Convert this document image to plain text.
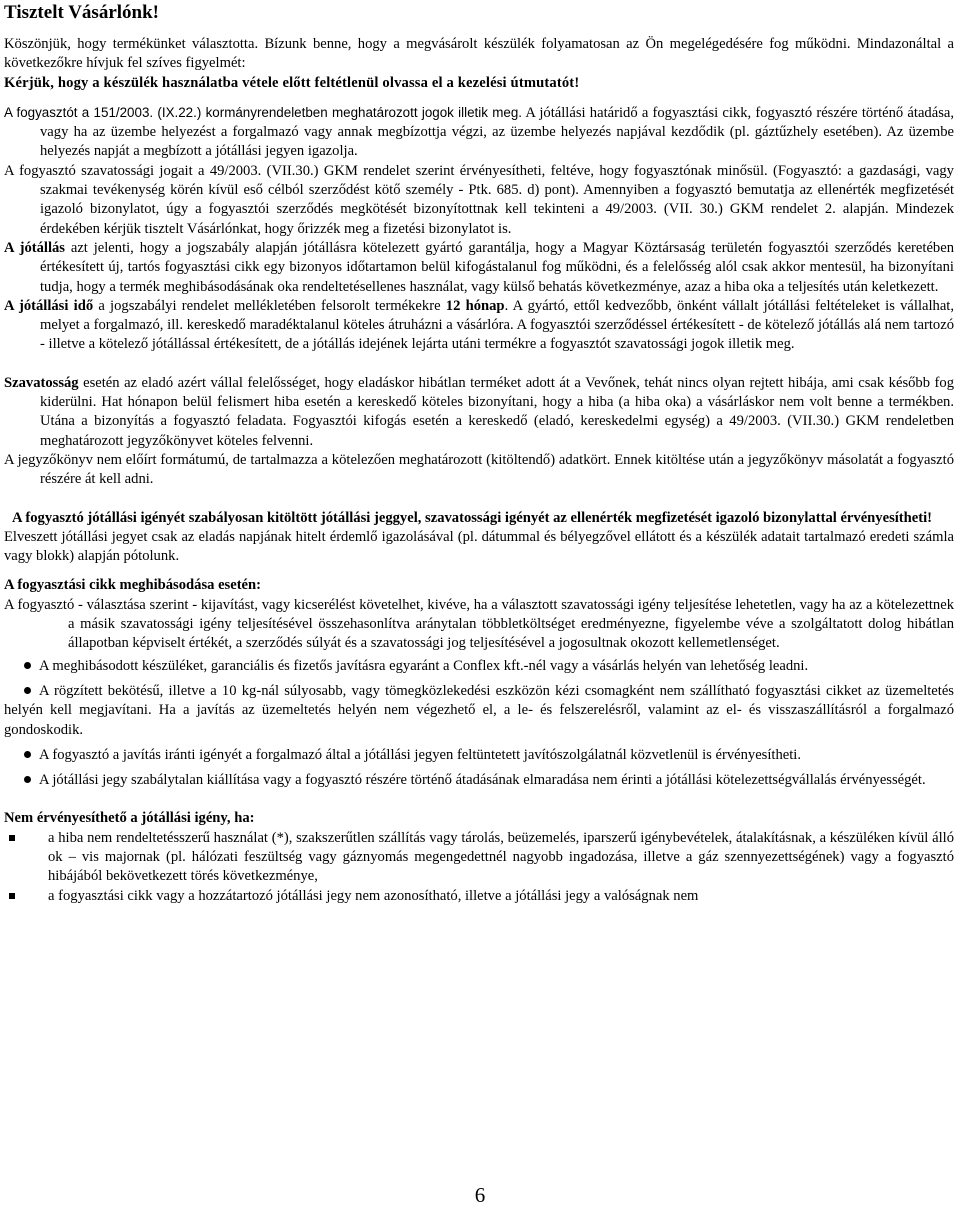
Tisztelt Vásárlónk!

Köszönjük, hogy termékünket választotta. Bízunk benne, hogy a megvásárolt készülék folyamatosan az Ön megelégedésére fog működni. Mindazonáltal a következőkre hívjuk fel szíves figyelmét:

Kérjük, hogy a készülék használatba vétele előtt feltétlenül olvassa el a kezelési útmutatót!

A fogyasztót a 151/2003. (IX.22.) kormányrendeletben meghatározott jogok illetik meg. A jótállási határidő a fogyasztási cikk, fogyasztó részére történő átadása, vagy ha az üzembe helyezést a forgalmazó vagy annak megbízottja végzi, az üzembe helyezés napjával kezdődik (pl. gáztűzhely esetében). Az üzembe helyezés napját a megbízott a jótállási jegyen igazolja.

A fogyasztó szavatossági jogait a 49/2003. (VII.30.) GKM rendelet szerint érvényesítheti, feltéve, hogy fogyasztónak minősül. (Fogyasztó: a gazdasági, vagy szakmai tevékenység körén kívül eső célból szerződést kötő személy - Ptk. 685. d) pont). Amennyiben a fogyasztó bemutatja az ellenérték megfizetését igazoló bizonylatot, úgy a fogyasztói szerződés megkötését bizonyítottnak kell tekinteni a 49/2003. (VII. 30.) GKM rendelet 2. alapján. Mindezek érdekében kérjük tisztelt Vásárlónkat, hogy őrizzék meg a fizetési bizonylatot is.

A jótállás azt jelenti, hogy a jogszabály alapján jótállásra kötelezett gyártó garantálja, hogy a Magyar Köztársaság területén fogyasztói szerződés keretében értékesített új, tartós fogyasztási cikk egy bizonyos időtartamon belül kifogástalanul fog működni, és a felelősség alól csak akkor mentesül, ha bizonyítani tudja, hogy a termék meghibásodásának oka rendeltetésellenes használat, vagy külső behatás következménye, azaz a hiba oka a teljesítés után keletkezett.

A jótállási idő a jogszabályi rendelet mellékletében felsorolt termékekre 12 hónap. A gyártó, ettől kedvezőbb, önként vállalt jótállási feltételeket is vállalhat, melyet a forgalmazó, ill. kereskedő maradéktalanul köteles átruházni a vásárlóra. A fogyasztói szerződéssel értékesített - de kötelező jótállás alá nem tartozó - illetve a kötelező jótállással értékesített, de a jótállás idejének lejárta utáni termékre a fogyasztót szavatossági jogok illetik meg.

Szavatosság esetén az eladó azért vállal felelősséget, hogy eladáskor hibátlan terméket adott át a Vevőnek, tehát nincs olyan rejtett hibája, ami csak később fog kiderülni. Hat hónapon belül felismert hiba esetén a kereskedő köteles bizonyítani, hogy a hiba (a hiba oka) a vásárláskor nem volt benne a termékben. Utána a bizonyítás a fogyasztó feladata. Fogyasztói kifogás esetén a kereskedő (eladó, kereskedelmi egység) a 49/2003. (VII.30.) GKM rendeletben meghatározott jegyzőkönyvet köteles felvenni.

A jegyzőkönyv nem előírt formátumú, de tartalmazza a kötelezően meghatározott (kitöltendő) adatkört. Ennek kitöltése után a jegyzőkönyv másolatát a fogyasztó részére át kell adni.

A fogyasztó jótállási igényét szabályosan kitöltött jótállási jeggyel, szavatossági igényét az ellenérték megfizetését igazoló bizonylattal érvényesítheti!

Elveszett jótállási jegyet csak az eladás napjának hitelt érdemlő igazolásával (pl. dátummal és bélyegzővel ellátott és a készülék adatait tartalmazó eredeti számla vagy blokk) alapján pótolunk.

A fogyasztási cikk meghibásodása esetén:

A fogyasztó - választása szerint - kijavítást, vagy kicserélést követelhet, kivéve, ha a választott szavatossági igény teljesítése lehetetlen, vagy ha az a kötelezettnek a másik szavatossági igény teljesítésével összehasonlítva aránytalan többletköltséget eredményezne, figyelembe véve a szolgáltatott dolog hibátlan állapotban képviselt értékét, a szerződés súlyát és a szavatossági jog teljesítésével a jogosultnak okozott kellemetlenséget.

A meghibásodott készüléket, garanciális és fizetős javításra egyaránt a Conflex kft.-nél vagy a vásárlás helyén van lehetőség leadni.

A rögzített bekötésű, illetve a 10 kg-nál súlyosabb, vagy tömegközlekedési eszközön kézi csomagként nem szállítható fogyasztási cikket az üzemeltetés helyén kell megjavítani. Ha a javítás az üzemeltetés helyén nem végezhető el, a le- és felszerelésről, valamint az el- és visszaszállításról a forgalmazó gondoskodik.

A fogyasztó a javítás iránti igényét a forgalmazó által a jótállási jegyen feltüntetett javítószolgálatnál közvetlenül is érvényesítheti.

A jótállási jegy szabálytalan kiállítása vagy a fogyasztó részére történő átadásának elmaradása nem érinti a jótállási kötelezettségvállalás érvényességét.

Nem érvényesíthető a jótállási igény, ha:

a hiba nem rendeltetésszerű használat (*), szakszerűtlen szállítás vagy tárolás, beüzemelés, iparszerű igénybevételek, átalakításnak, a készüléken kívül álló ok – vis majornak (pl. hálózati feszültség vagy gáznyomás megengedettnél nagyobb ingadozása, illetve a gáz szennyezettségének) vagy a fogyasztó hibájából bekövetkezett törés következménye,

a fogyasztási cikk vagy a hozzátartozó jótállási jegy nem azonosítható, illetve a jótállási jegy a valóságnak nem

6
